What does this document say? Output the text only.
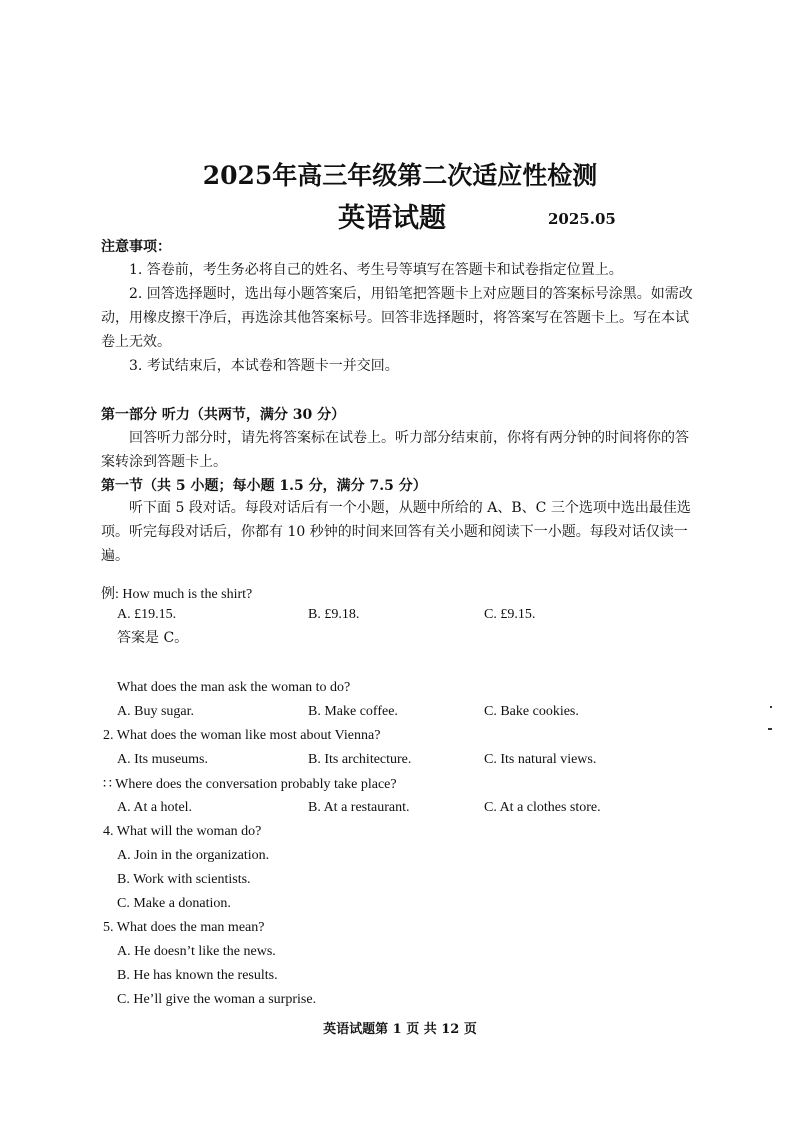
2025年高三年级第二次适应性检测
英语试题	2025.05
注意事项：
1. 答卷前，考生务必将自己的姓名、考生号等填写在答题卡和试卷指定位置上。
2. 回答选择题时，选出每小题答案后，用铅笔把答题卡上对应题目的答案标号涂黑。如需改动，用橡皮擦干净后，再选涂其他答案标号。回答非选择题时，将答案写在答题卡上。写在本试卷上无效。
3. 考试结束后，本试卷和答题卡一并交回。
第一部分 听力（共两节，满分 30 分）
回答听力部分时，请先将答案标在试卷上。听力部分结束前，你将有两分钟的时间将你的答案转涂到答题卡上。
第一节（共 5 小题；每小题 1.5 分，满分 7.5 分）
听下面 5 段对话。每段对话后有一个小题，从题中所给的 A、B、C 三个选项中选出最佳选项。听完每段对话后，你都有 10 秒钟的时间来回答有关小题和阅读下一小题。每段对话仅读一遍。
例: How much is the shirt?
A. £19.15.	B. £9.18.	C. £9.15.
答案是 C。
What does the man ask the woman to do?
A. Buy sugar.	B. Make coffee.	C. Bake cookies.
2. What does the woman like most about Vienna?
A. Its museums.	B. Its architecture.	C. Its natural views.
∷ Where does the conversation probably take place?
A. At a hotel.	B. At a restaurant.	C. At a clothes store.
4. What will the woman do?
A. Join in the organization.
B. Work with scientists.
C. Make a donation.
5. What does the man mean?
A. He doesn’t like the news.
B. He has known the results.
C. He’ll give the woman a surprise.
英语试题第 1 页 共 12 页
